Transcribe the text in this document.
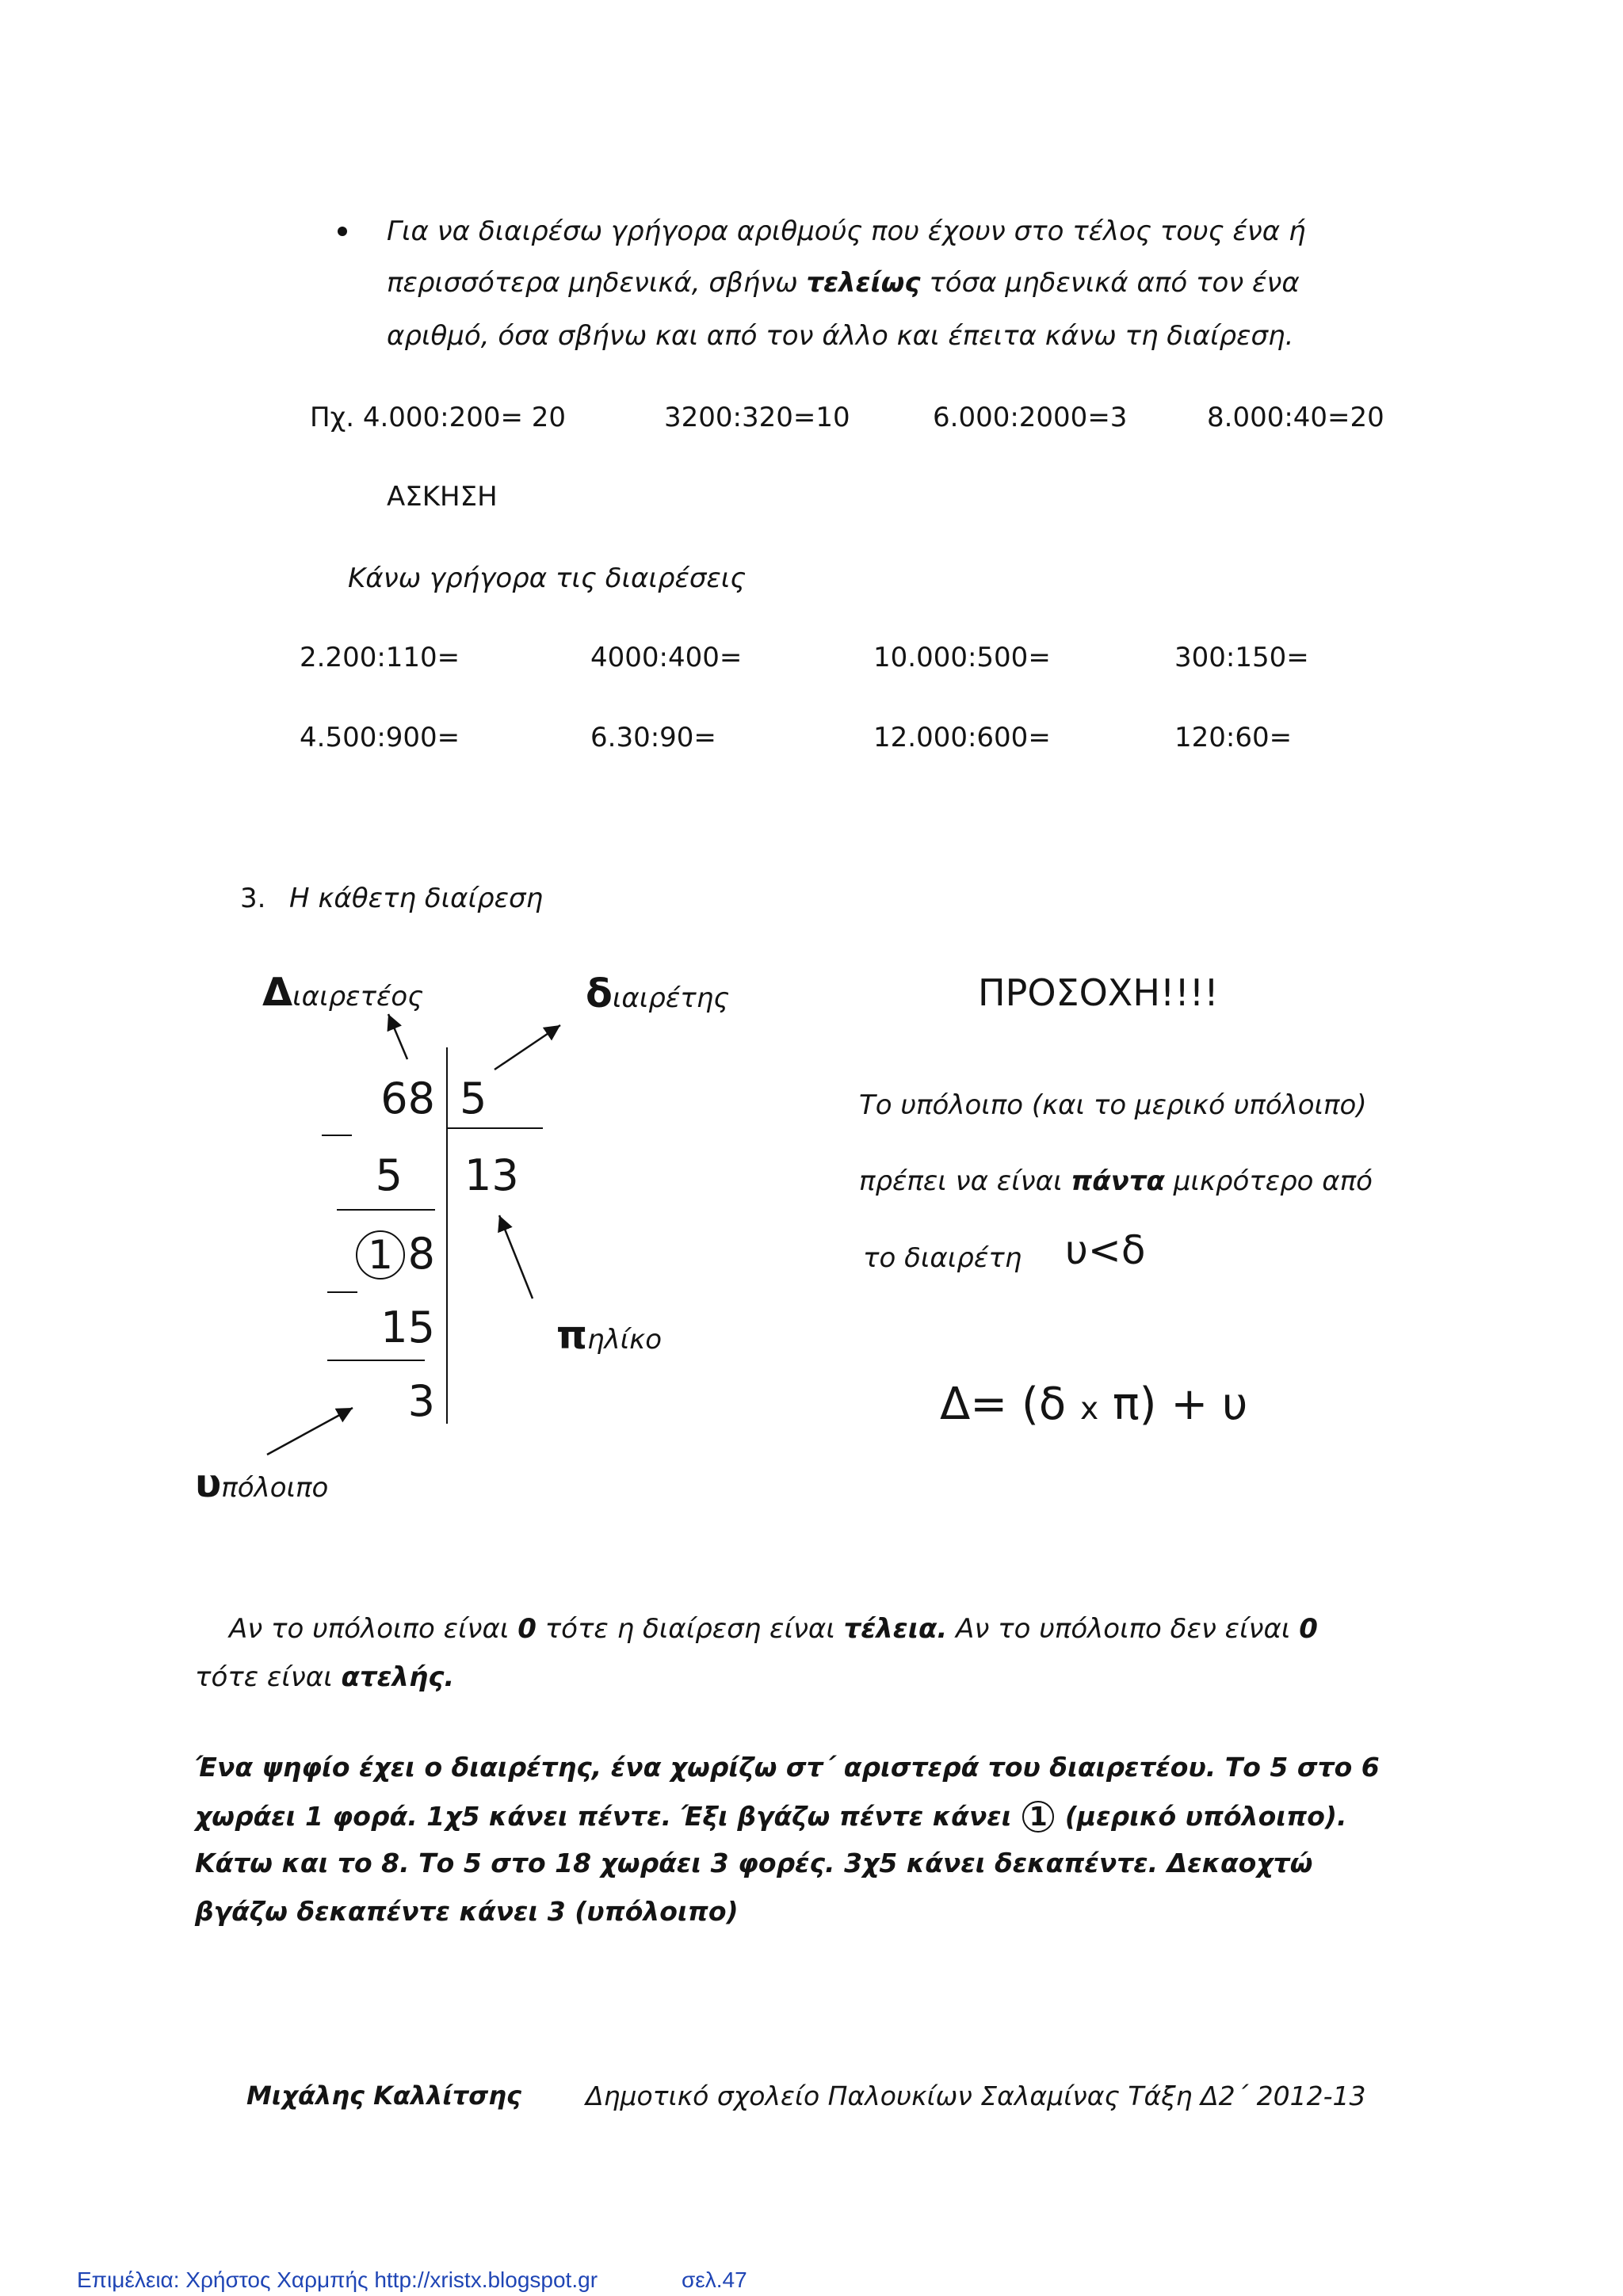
Για να διαιρέσω γρήγορα αριθμούς που έχουν στο τέλος τους ένα ή
περισσότερα μηδενικά, σβήνω τελείως τόσα μηδενικά από τον ένα
αριθμό, όσα σβήνω και από τον άλλο και έπειτα κάνω τη διαίρεση.
Πχ. 4.000:200= 20	3200:320=10	6.000:2000=3	8.000:40=20
ΑΣΚΗΣΗ
Κάνω γρήγορα τις διαιρέσεις
2.200:110=	4000:400=	10.000:500=	300:150=
4.500:900=	6.30:90=	12.000:600=	120:60=
3. Η κάθετη διαίρεση
Διαιρετέος	διαιρέτης	ΠΡΟΣΟΧΗ!!!!
68 5
5 13
1 8
15
3
πηλίκο
υπόλοιπο
Το υπόλοιπο (και το μερικό υπόλοιπο)
πρέπει να είναι πάντα μικρότερο από
το διαιρέτη	υ<δ
Δ= (δ x π) + υ
Αν το υπόλοιπο είναι 0 τότε η διαίρεση είναι τέλεια. Αν το υπόλοιπο δεν είναι 0
τότε είναι ατελής.
Ένα ψηφίο έχει ο διαιρέτης, ένα χωρίζω στ΄ αριστερά του διαιρετέου. Το 5 στο 6
χωράει 1 φορά. 1χ5 κάνει πέντε. Έξι βγάζω πέντε κάνει 1 (μερικό υπόλοιπο).
Κάτω και το 8. Το 5 στο 18 χωράει 3 φορές. 3χ5 κάνει δεκαπέντε. Δεκαοχτώ
βγάζω δεκαπέντε κάνει 3 (υπόλοιπο)
Μιχάλης Καλλίτσης Δημοτικό σχολείο Παλουκίων Σαλαμίνας Τάξη Δ2΄ 2012-13
Επιμέλεια: Χρήστος Χαρμπής http://xristx.blogspot.gr	σελ.47
